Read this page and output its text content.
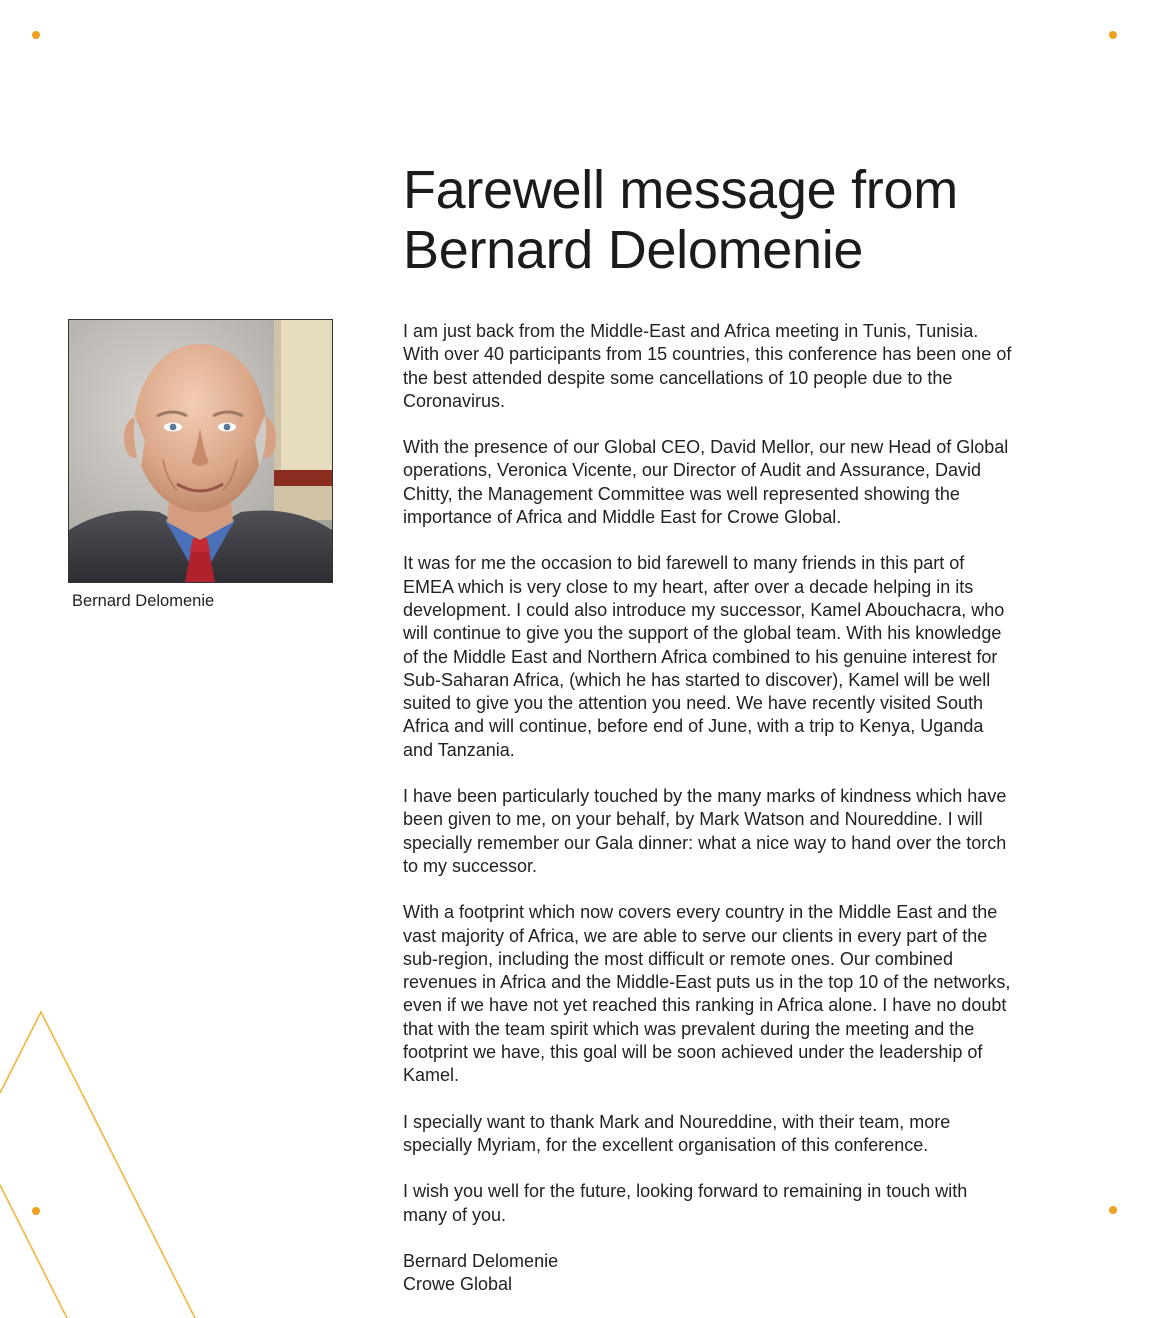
Farewell message from
Bernard Delomenie
Bernard Delomenie

I am just back from the Middle-East and Africa meeting in Tunis, Tunisia.
With over 40 participants from 15 countries, this conference has been one of
the best attended despite some cancellations of 10 people due to the
Coronavirus.

With the presence of our Global CEO, David Mellor, our new Head of Global
operations, Veronica Vicente, our Director of Audit and Assurance, David
Chitty, the Management Committee was well represented showing the
importance of Africa and Middle East for Crowe Global.

It was for me the occasion to bid farewell to many friends in this part of
EMEA which is very close to my heart, after over a decade helping in its
development. I could also introduce my successor, Kamel Abouchacra, who
will continue to give you the support of the global team. With his knowledge
of the Middle East and Northern Africa combined to his genuine interest for
Sub-Saharan Africa, (which he has started to discover), Kamel will be well
suited to give you the attention you need. We have recently visited South
Africa and will continue, before end of June, with a trip to Kenya, Uganda
and Tanzania.

I have been particularly touched by the many marks of kindness which have
been given to me, on your behalf, by Mark Watson and Noureddine. I will
specially remember our Gala dinner: what a nice way to hand over the torch
to my successor.

With a footprint which now covers every country in the Middle East and the
vast majority of Africa, we are able to serve our clients in every part of the
sub-region, including the most difficult or remote ones. Our combined
revenues in Africa and the Middle-East puts us in the top 10 of the networks,
even if we have not yet reached this ranking in Africa alone. I have no doubt
that with the team spirit which was prevalent during the meeting and the
footprint we have, this goal will be soon achieved under the leadership of
Kamel.

I specially want to thank Mark and Noureddine, with their team, more
specially Myriam, for the excellent organisation of this conference.

I wish you well for the future, looking forward to remaining in touch with
many of you.

Bernard Delomenie
Crowe Global
